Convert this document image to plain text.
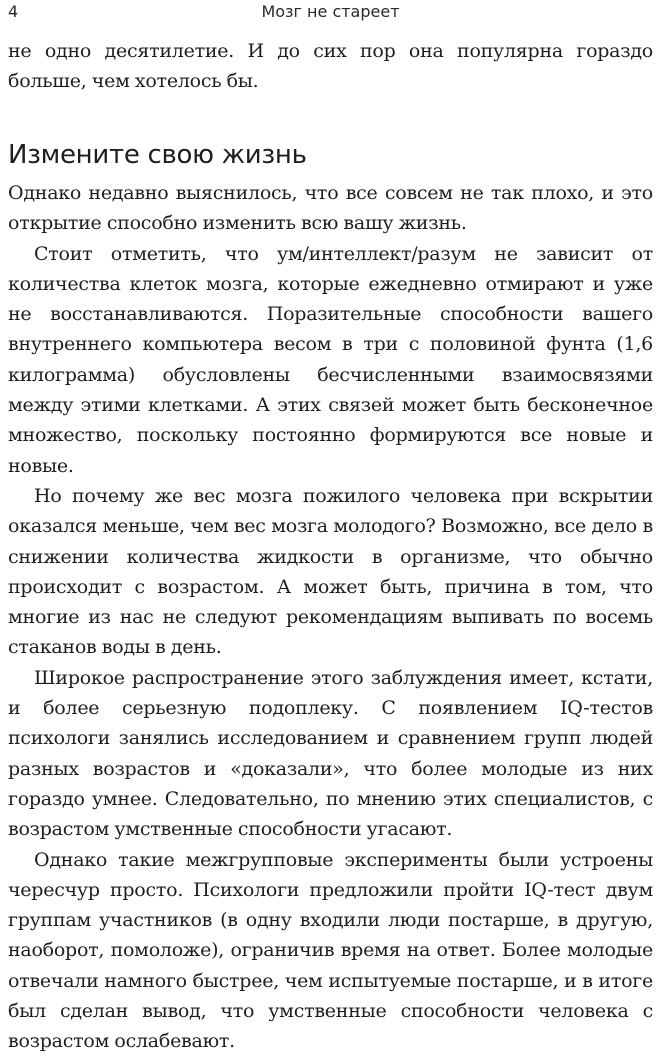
4	Мозг не стареет

не одно десятилетие. И до сих пор она популярна гораздо больше, чем хотелось бы.

Измените свою жизнь

Однако недавно выяснилось, что все совсем не так плохо, и это открытие способно изменить всю вашу жизнь.

Стоит отметить, что ум/интеллект/разум не зависит от количества клеток мозга, которые ежедневно отмирают и уже не восстанавливаются. Поразительные способности вашего внутреннего компьютера весом в три с половиной фунта (1,6 килограмма) обусловлены бесчисленными взаимосвязями между этими клетками. А этих связей может быть бесконечное множество, поскольку постоянно формируются все новые и новые.

Но почему же вес мозга пожилого человека при вскрытии оказался меньше, чем вес мозга молодого? Возможно, все дело в снижении количества жидкости в организме, что обычно происходит с возрастом. А может быть, причина в том, что многие из нас не следуют рекомендациям выпивать по восемь стаканов воды в день.

Широкое распространение этого заблуждения имеет, кстати, и более серьезную подоплеку. С появлением IQ-тестов психологи занялись исследованием и сравнением групп людей разных возрастов и «доказали», что более молодые из них гораздо умнее. Следовательно, по мнению этих специалистов, с возрастом умственные способности угасают.

Однако такие межгрупповые эксперименты были устроены чересчур просто. Психологи предложили пройти IQ-тест двум группам участников (в одну входили люди постарше, в другую, наоборот, помоложе), ограничив время на ответ. Более молодые отвечали намного быстрее, чем испытуемые постарше, и в итоге был сделан вывод, что умственные способности человека с возрастом ослабевают.
